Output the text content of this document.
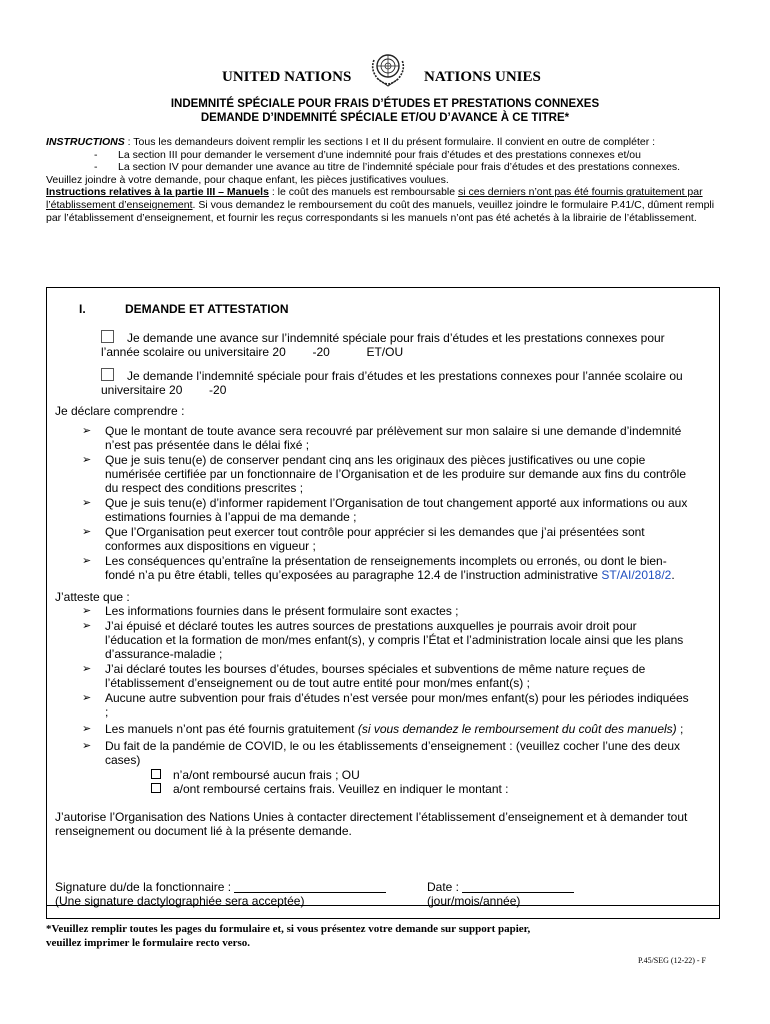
UNITED NATIONS	NATIONS UNIES
INDEMNITÉ SPÉCIALE POUR FRAIS D’ÉTUDES ET PRESTATIONS CONNEXES
DEMANDE D’INDEMNITÉ SPÉCIALE ET/OU D’AVANCE À CE TITRE*
INSTRUCTIONS : Tous les demandeurs doivent remplir les sections I et II du présent formulaire. Il convient en outre de compléter :
- La section III pour demander le versement d’une indemnité pour frais d’études et des prestations connexes et/ou
- La section IV pour demander une avance au titre de l’indemnité spéciale pour frais d’études et des prestations connexes.
Veuillez joindre à votre demande, pour chaque enfant, les pièces justificatives voulues.
Instructions relatives à la partie III – Manuels : le coût des manuels est remboursable si ces derniers n’ont pas été fournis gratuitement par l’établissement d’enseignement. Si vous demandez le remboursement du coût des manuels, veuillez joindre le formulaire P.41/C, dûment rempli par l’établissement d’enseignement, et fournir les reçus correspondants si les manuels n’ont pas été achetés à la librairie de l’établissement.
I.	DEMANDE ET ATTESTATION
Je demande une avance sur l’indemnité spéciale pour frais d’études et les prestations connexes pour l’année scolaire ou universitaire 20        -20           ET/OU
Je demande l’indemnité spéciale pour frais d’études et les prestations connexes pour l’année scolaire ou universitaire 20        -20
Je déclare comprendre :
➢ Que le montant de toute avance sera recouvré par prélèvement sur mon salaire si une demande d’indemnité n’est pas présentée dans le délai fixé ;
➢ Que je suis tenu(e) de conserver pendant cinq ans les originaux des pièces justificatives ou une copie numérisée certifiée par un fonctionnaire de l’Organisation et de les produire sur demande aux fins du contrôle du respect des conditions prescrites ;
➢ Que je suis tenu(e) d’informer rapidement l’Organisation de tout changement apporté aux informations ou aux estimations fournies à l’appui de ma demande ;
➢ Que l’Organisation peut exercer tout contrôle pour apprécier si les demandes que j’ai présentées sont conformes aux dispositions en vigueur ;
➢ Les conséquences qu’entraîne la présentation de renseignements incomplets ou erronés, ou dont le bien-fondé n’a pu être établi, telles qu’exposées au paragraphe 12.4 de l’instruction administrative ST/AI/2018/2.
J’atteste que :
➢ Les informations fournies dans le présent formulaire sont exactes ;
➢ J’ai épuisé et déclaré toutes les autres sources de prestations auxquelles je pourrais avoir droit pour l’éducation et la formation de mon/mes enfant(s), y compris l’État et l’administration locale ainsi que les plans d’assurance-maladie ;
➢ J’ai déclaré toutes les bourses d’études, bourses spéciales et subventions de même nature reçues de l’établissement d’enseignement ou de tout autre entité pour mon/mes enfant(s) ;
➢ Aucune autre subvention pour frais d’études n’est versée pour mon/mes enfant(s) pour les périodes indiquées ;
➢ Les manuels n’ont pas été fournis gratuitement (si vous demandez le remboursement du coût des manuels) ;
➢ Du fait de la pandémie de COVID, le ou les établissements d’enseignement : (veuillez cocher l’une des deux cases)
n’a/ont remboursé aucun frais ; OU
a/ont remboursé certains frais. Veuillez en indiquer le montant :
J’autorise l’Organisation des Nations Unies à contacter directement l’établissement d’enseignement et à demander tout renseignement ou document lié à la présente demande.
Signature du/de la fonctionnaire :	Date :
(Une signature dactylographiée sera acceptée)	(jour/mois/année)
*Veuillez remplir toutes les pages du formulaire et, si vous présentez votre demande sur support papier,
veuillez imprimer le formulaire recto verso.
P.45/SEG (12-22) - F
